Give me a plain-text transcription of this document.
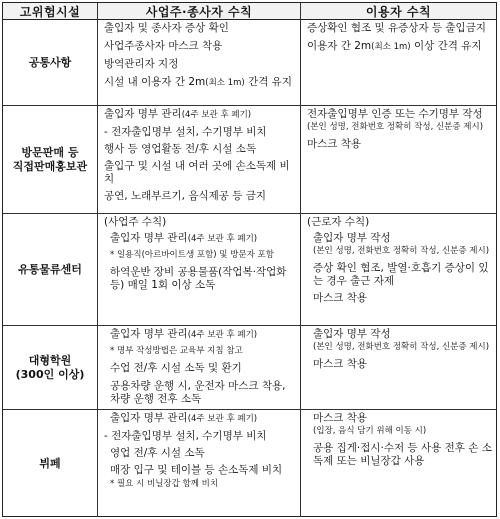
고위험시설	사업주·종사자 수칙	이용자 수칙
공통사항
출입자 및 종사자 증상 확인
사업주종사자 마스크 착용
방역관리자 지정
시설 내 이용자 간 2m(최소 1m) 간격 유지
증상확인 협조 및 유증상자 등 출입금지
이용자 간 2m(최소 1m) 이상 간격 유지
방문판매 등
직접판매홍보관
출입자 명부 관리(4주 보관 후 폐기)
- 전자출입명부 설치, 수기명부 비치
행사 등 영업활동 전/후 시설 소독
출입구 및 시설 내 여러 곳에 손소독제 비치
공연, 노래부르기, 음식제공 등 금지
전자출입명부 인증 또는 수기명부 작성
(본인 성명, 전화번호 정확히 작성, 신분증 제시)
마스크 착용
유통물류센터
(사업주 수칙)
출입자 명부 관리(4주 보관 후 폐기)
* 일용직(아르바이트생 포함) 및 방문자 포함
하역운반 장비 공용물품(작업복·작업화 등) 매일 1회 이상 소독
(근로자 수칙)
출입자 명부 작성
(본인 성명, 전화번호 정확히 작성, 신분증 제시)
증상 확인 협조, 발열·호흡기 증상이 있는 경우 출근 자제
마스크 착용
대형학원
(300인 이상)
출입자 명부 관리(4주 보관 후 폐기)
* 명부 작성방법은 교육부 지침 참고
수업 전/후 시설 소독 및 환기
공용차량 운행 시, 운전자 마스크 착용, 차량 운행 전후 소독
출입자 명부 작성
(본인 성명, 전화번호 정확히 작성, 신분증 제시)
마스크 착용
뷔페
출입자 명부 관리(4주 보관 후 폐기)
- 전자출입명부 설치, 수기명부 비치
영업 전/후 시설 소독
매장 입구 및 테이블 등 손소독제 비치
* 필요 시 비닐장갑 함께 비치
마스크 착용
(입장, 음식 담기 위해 이동 시)
공용 집게·접시·수저 등 사용 전후 손 소독제 또는 비닐장갑 사용
